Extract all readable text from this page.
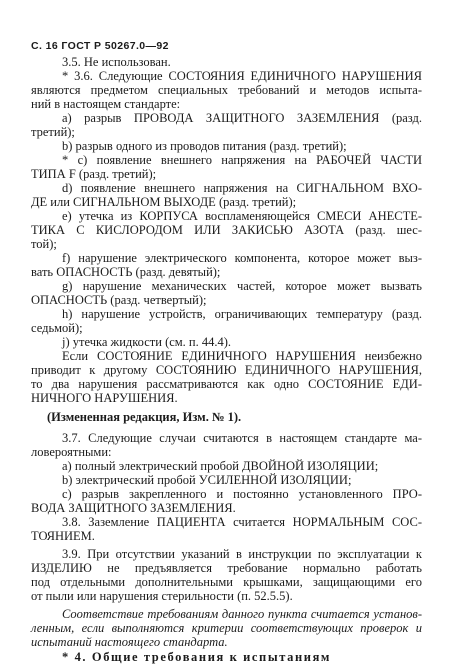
С. 16 ГОСТ Р 50267.0—92
3.5. Не использован.
* 3.6. Следующие СОСТОЯНИЯ ЕДИНИЧНОГО НАРУШЕНИЯ
являются предметом специальных требований и методов испыта-
ний в настоящем стандарте:
а) разрыв ПРОВОДА ЗАЩИТНОГО ЗАЗЕМЛЕНИЯ (разд.
третий);
b) разрыв одного из проводов питания (разд. третий);
* с) появление внешнего напряжения на РАБОЧЕЙ ЧАСТИ
ТИПА F (разд. третий);
d) появление внешнего напряжения на СИГНАЛЬНОМ ВХО-
ДЕ или СИГНАЛЬНОМ ВЫХОДЕ (разд. третий);
е) утечка из КОРПУСА воспламеняющейся СМЕСИ АНЕСТЕ-
ТИКА С КИСЛОРОДОМ ИЛИ ЗАКИСЬЮ АЗОТА (разд. шес-
той);
f) нарушение электрического компонента, которое может выз-
вать ОПАСНОСТЬ (разд. девятый);
g) нарушение механических частей, которое может вызвать
ОПАСНОСТЬ (разд. четвертый);
h) нарушение устройств, ограничивающих температуру (разд.
седьмой);
j) утечка жидкости (см. п. 44.4).
Если СОСТОЯНИЕ ЕДИНИЧНОГО НАРУШЕНИЯ неизбежно
приводит к другому СОСТОЯНИЮ ЕДИНИЧНОГО НАРУШЕНИЯ,
то два нарушения рассматриваются как одно СОСТОЯНИЕ ЕДИ-
НИЧНОГО НАРУШЕНИЯ.
(Измененная редакция, Изм. № 1).
3.7. Следующие случаи считаются в настоящем стандарте ма-
ловероятными:
а) полный электрический пробой ДВОЙНОЙ ИЗОЛЯЦИИ;
b) электрический пробой УСИЛЕННОЙ ИЗОЛЯЦИИ;
с) разрыв закрепленного и постоянно установленного ПРО-
ВОДА ЗАЩИТНОГО ЗАЗЕМЛЕНИЯ.
3.8. Заземление ПАЦИЕНТА считается НОРМАЛЬНЫМ СОС-
ТОЯНИЕМ.
3.9. При отсутствии указаний в инструкции по эксплуатации к
ИЗДЕЛИЮ не предъявляется требование нормально работать
под отдельными дополнительными крышками, защищающими его
от пыли или нарушения стерильности (п. 52.5.5).
Соответствие требованиям данного пункта считается установ-
ленным, если выполняются критерии соответствующих проверок и
испытаний настоящего стандарта.
* 4. Общие требования к испытаниям
